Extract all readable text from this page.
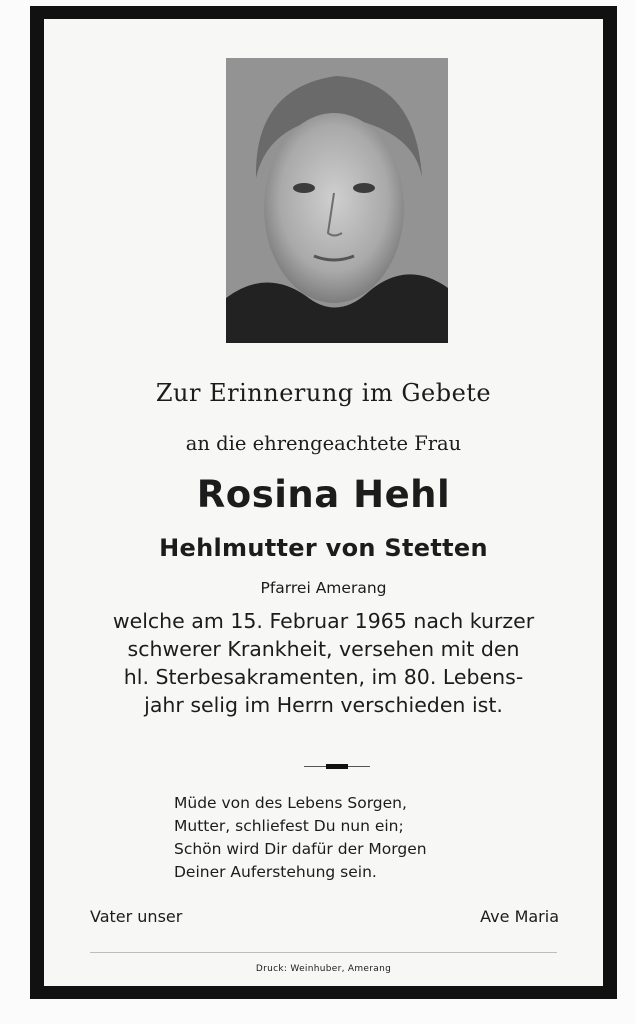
Zur Erinnerung im Gebete

an die ehrengeachtete Frau

Rosina Hehl

Hehlmutter von Stetten

Pfarrei Amerang

welche am 15. Februar 1965 nach kurzer
schwerer Krankheit, versehen mit den
hl. Sterbesakramenten, im 80. Lebens-
jahr selig im Herrn verschieden ist.
Müde von des Lebens Sorgen,
Mutter, schliefest Du nun ein;
Schön wird Dir dafür der Morgen
Deiner Auferstehung sein.
Vater unser	Ave Maria

Druck: Weinhuber, Amerang
